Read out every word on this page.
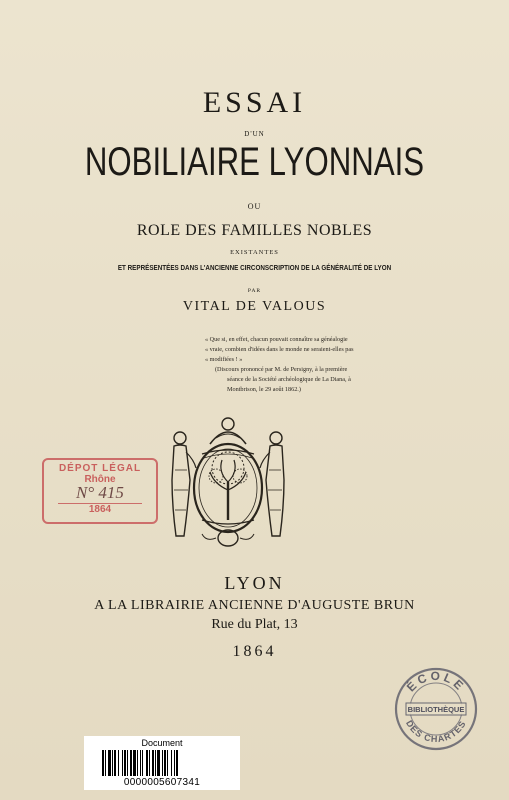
ESSAI
D'UN
NOBILIAIRE LYONNAIS
OU
ROLE DES FAMILLES NOBLES
EXISTANTES
ET REPRÉSENTÉES DANS L'ANCIENNE CIRCONSCRIPTION DE LA GÉNÉRALITÉ DE LYON
PAR
VITAL DE VALOUS
« Que si, en effet, chacun pouvait connaître sa généalogie
« vraie, combien d'idées dans le monde ne seraient-elles pas
« modifiées ! »
(Discours prononcé par M. de Persigny, à la première
séance de la Société archéologique de La Diana, à
Montbrison, le 29 août 1862.)
DÉPOT LÉGAL
Rhône
N° 415
1864
LYON
A LA LIBRAIRIE ANCIENNE D'AUGUSTE BRUN
Rue du Plat, 13
1864
ÉCOLE
BIBLIOTHÈQUE
DES CHARTES
Document
0000005607341
